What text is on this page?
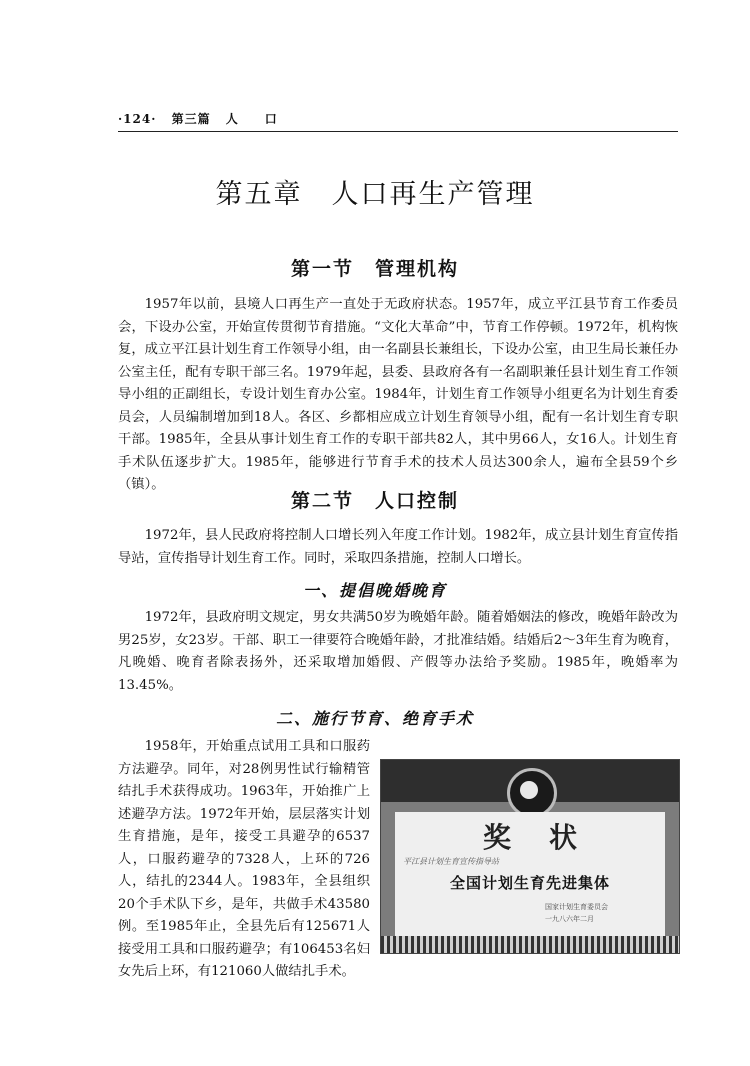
·124· 第三篇 人　　口
第五章　人口再生产管理
第一节　管理机构

1957年以前，县境人口再生产一直处于无政府状态。1957年，成立平江县节育工作委员会，下设办公室，开始宣传贯彻节育措施。“文化大革命”中，节育工作停顿。1972年，机构恢复，成立平江县计划生育工作领导小组，由一名副县长兼组长，下设办公室，由卫生局长兼任办公室主任，配有专职干部三名。1979年起，县委、县政府各有一名副职兼任县计划生育工作领导小组的正副组长，专设计划生育办公室。1984年，计划生育工作领导小组更名为计划生育委员会，人员编制增加到18人。各区、乡都相应成立计划生育领导小组，配有一名计划生育专职干部。1985年，全县从事计划生育工作的专职干部共82人，其中男66人，女16人。计划生育手术队伍逐步扩大。1985年，能够进行节育手术的技术人员达300余人，遍布全县59个乡（镇）。

第二节　人口控制

1972年，县人民政府将控制人口增长列入年度工作计划。1982年，成立县计划生育宣传指导站，宣传指导计划生育工作。同时，采取四条措施，控制人口增长。

一、提倡晚婚晚育

1972年，县政府明文规定，男女共满50岁为晚婚年龄。随着婚姻法的修改，晚婚年龄改为男25岁，女23岁。干部、职工一律要符合晚婚年龄，才批准结婚。结婚后2～3年生育为晚育，凡晚婚、晚育者除表扬外，还采取增加婚假、产假等办法给予奖励。1985年，晚婚率为13.45%。

二、施行节育、绝育手术

1958年，开始重点试用工具和口服药方法避孕。同年，对28例男性试行输精管结扎手术获得成功。1963年，开始推广上述避孕方法。1972年开始，层层落实计划生育措施，是年，接受工具避孕的6537人，口服药避孕的7328人，上环的726人，结扎的2344人。1983年，全县组织20个手术队下乡，是年，共做手术43580例。至1985年止，全县先后有125671人接受用工具和口服药避孕；有106453名妇女先后上环，有121060人做结扎手术。

奖状
平江县计划生育宣传指导站
全国计划生育先进集体
国家计划生育委员会
一九八六年二月
